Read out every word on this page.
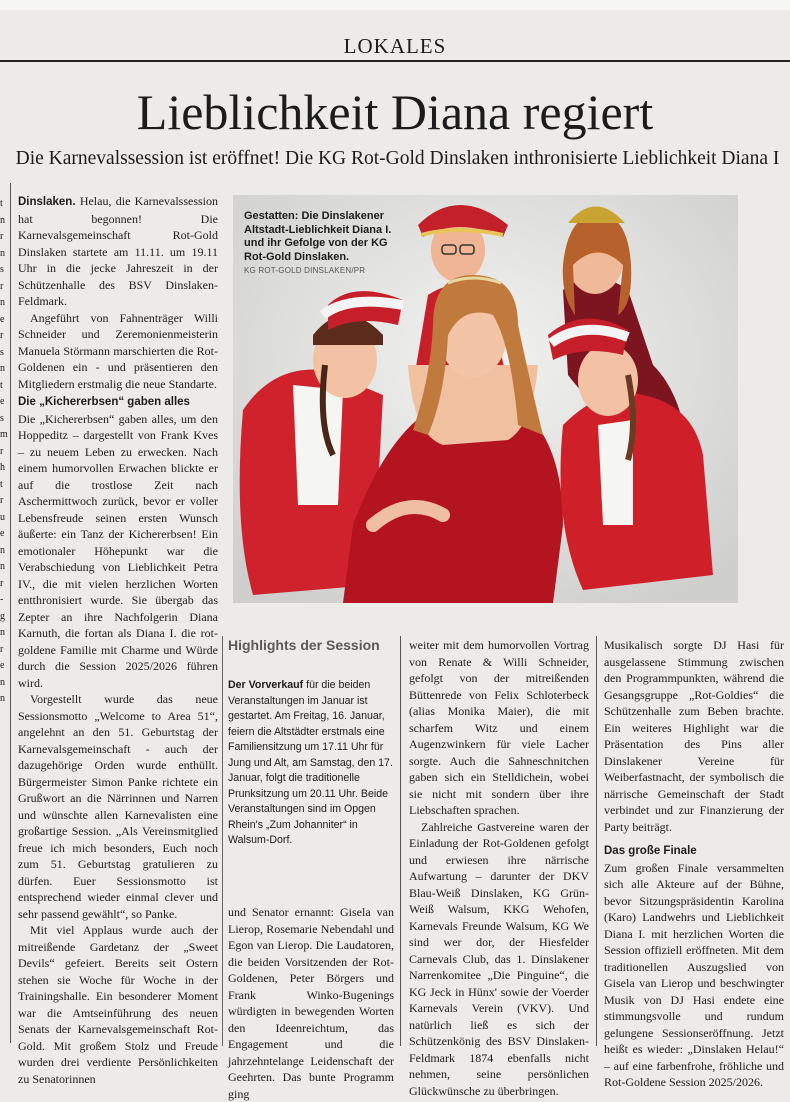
LOKALES
Lieblichkeit Diana regiert
Die Karnevalssession ist eröffnet! Die KG Rot-Gold Dinslaken inthronisierte Lieblichkeit Diana I
t
n
r
n
s
r
n
e
r
s
n
t
e
s
m
r
h
t
r
u
e
n
n
r
-
g
n
r
e
n
n

Dinslaken. Helau, die Karnevalssession hat begonnen! Die Karnevalsgemeinschaft Rot-Gold Dinslaken startete am 11.11. um 19.11 Uhr in die jecke Jahreszeit in der Schützenhalle des BSV Dinslaken-Feldmark.

Angeführt von Fahnenträger Willi Schneider und Zeremonienmeisterin Manuela Störmann marschierten die Rot-Goldenen ein - und präsentieren den Mitgliedern erstmalig die neue Standarte.

Die „Kichererbsen“ gaben alles

Die „Kichererbsen“ gaben alles, um den Hoppeditz – dargestellt von Frank Kves – zu neuem Leben zu erwecken. Nach einem humorvollen Erwachen blickte er auf die trostlose Zeit nach Aschermittwoch zurück, bevor er voller Lebensfreude seinen ersten Wunsch äußerte: ein Tanz der Kichererbsen! Ein emotionaler Höhepunkt war die Verabschiedung von Lieblichkeit Petra IV., die mit vielen herzlichen Worten entthronisiert wurde. Sie übergab das Zepter an ihre Nachfolgerin Diana Karnuth, die fortan als Diana I. die rot-goldene Familie mit Charme und Würde durch die Session 2025/2026 führen wird.

Vorgestellt wurde das neue Sessionsmotto „Welcome to Area 51“, angelehnt an den 51. Geburtstag der Karnevalsgemeinschaft - auch der dazugehörige Orden wurde enthüllt. Bürgermeister Simon Panke richtete ein Grußwort an die Närrinnen und Narren und wünschte allen Karnevalisten eine großartige Session. „Als Vereinsmitglied freue ich mich besonders, Euch noch zum 51. Geburtstag gratulieren zu dürfen. Euer Sessionsmotto ist entsprechend wieder einmal clever und sehr passend gewählt“, so Panke.

Mit viel Applaus wurde auch der mitreißende Gardetanz der „Sweet Devils“ gefeiert. Bereits seit Ostern stehen sie Woche für Woche in der Trainingshalle. Ein besonderer Moment war die Amtseinführung des neuen Senats der Karnevalsgemeinschaft Rot-Gold. Mit großem Stolz und Freude wurden drei verdiente Persönlichkeiten zu Senatorinnen

Gestatten: Die Dinslakener Altstadt-Lieblichkeit Diana I. und ihr Gefolge von der KG Rot-Gold Dinslaken.
KG ROT-GOLD DINSLAKEN/PR
Highlights der Session

Der Vorverkauf für die beiden Veranstaltungen im Januar ist gestartet. Am Freitag, 16. Januar, feiern die Altstädter erstmals eine Familiensitzung um 17.11 Uhr für Jung und Alt, am Samstag, den 17. Januar, folgt die traditionelle Prunksitzung um 20.11 Uhr. Beide Veranstaltungen sind im Opgen Rhein's „Zum Johanniter“ in Walsum-Dorf.

und Senator ernannt: Gisela van Lierop, Rosemarie Nebendahl und Egon van Lierop. Die Laudatoren, die beiden Vorsitzenden der Rot-Goldenen, Peter Börgers und Frank Winko-Bugenings würdigten in bewegenden Worten den Ideenreichtum, das Engagement und die jahrzehntelange Leidenschaft der Geehrten. Das bunte Programm ging

weiter mit dem humorvollen Vortrag von Renate & Willi Schneider, gefolgt von der mitreißenden Büttenrede von Felix Schloterbeck (alias Monika Maier), die mit scharfem Witz und einem Augenzwinkern für viele Lacher sorgte. Auch die Sahneschnitchen gaben sich ein Stelldichein, wobei sie nicht mit sondern über ihre Liebschaften sprachen.

Zahlreiche Gastvereine waren der Einladung der Rot-Goldenen gefolgt und erwiesen ihre närrische Aufwartung – darunter der DKV Blau-Weiß Dinslaken, KG Grün-Weiß Walsum, KKG Wehofen, Karnevals Freunde Walsum, KG We sind wer dor, der Hiesfelder Carnevals Club, das 1. Dinslakener Narrenkomitee „Die Pinguine“, die KG Jeck in Hünx' sowie der Voerder Karnevals Verein (VKV). Und natürlich ließ es sich der Schützenkönig des BSV Dinslaken-Feldmark 1874 ebenfalls nicht nehmen, seine persönlichen Glückwünsche zu überbringen.

Musikalisch sorgte DJ Hasi für ausgelassene Stimmung zwischen den Programmpunkten, während die Gesangsgruppe „Rot-Goldies“ die Schützenhalle zum Beben brachte. Ein weiteres Highlight war die Präsentation des Pins aller Dinslakener Vereine für Weiberfastnacht, der symbolisch die närrische Gemeinschaft der Stadt verbindet und zur Finanzierung der Party beiträgt.

Das große Finale

Zum großen Finale versammelten sich alle Akteure auf der Bühne, bevor Sitzungspräsidentin Karolina (Karo) Landwehrs und Lieblichkeit Diana I. mit herzlichen Worten die Session offiziell eröffneten. Mit dem traditionellen Auszugslied von Gisela van Lierop und beschwingter Musik von DJ Hasi endete eine stimmungsvolle und rundum gelungene Sessionseröffnung. Jetzt heißt es wieder: „Dinslaken Helau!“ – auf eine farbenfrohe, fröhliche und Rot-Goldene Session 2025/2026.
